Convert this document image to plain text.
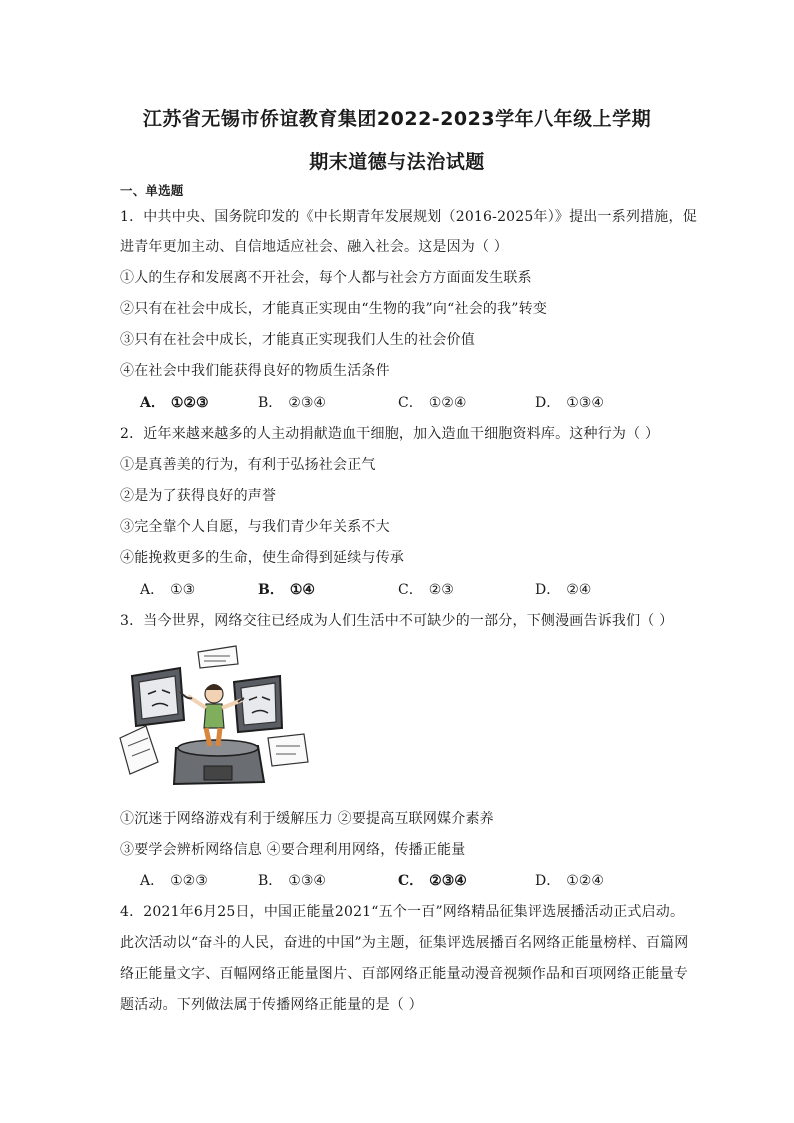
江苏省无锡市侨谊教育集团2022-2023学年八年级上学期
期末道德与法治试题
一、单选题
1．中共中央、国务院印发的《中长期青年发展规划（2016-2025年）》提出一系列措施，促
进青年更加主动、自信地适应社会、融入社会。这是因为（ ）
①人的生存和发展离不开社会，每个人都与社会方方面面发生联系
②只有在社会中成长，才能真正实现由“生物的我”向“社会的我”转变
③只有在社会中成长，才能真正实现我们人生的社会价值
④在社会中我们能获得良好的物质生活条件
A． ①②③	B． ②③④	C． ①②④	D． ①③④
2．近年来越来越多的人主动捐献造血干细胞，加入造血干细胞资料库。这种行为（ ）
①是真善美的行为，有利于弘扬社会正气
②是为了获得良好的声誉
③完全靠个人自愿，与我们青少年关系不大
④能挽救更多的生命，使生命得到延续与传承
A． ①③	B． ①④	C． ②③	D． ②④
3．当今世界，网络交往已经成为人们生活中不可缺少的一部分，下侧漫画告诉我们（ ）
①沉迷于网络游戏有利于缓解压力 ②要提高互联网媒介素养
③要学会辨析网络信息 ④要合理利用网络，传播正能量
A． ①②③	B． ①③④	C． ②③④	D． ①②④
4．2021年6月25日，中国正能量2021“五个一百”网络精品征集评选展播活动正式启动。
此次活动以“奋斗的人民，奋进的中国”为主题，征集评选展播百名网络正能量榜样、百篇网
络正能量文字、百幅网络正能量图片、百部网络正能量动漫音视频作品和百项网络正能量专
题活动。下列做法属于传播网络正能量的是（ ）
